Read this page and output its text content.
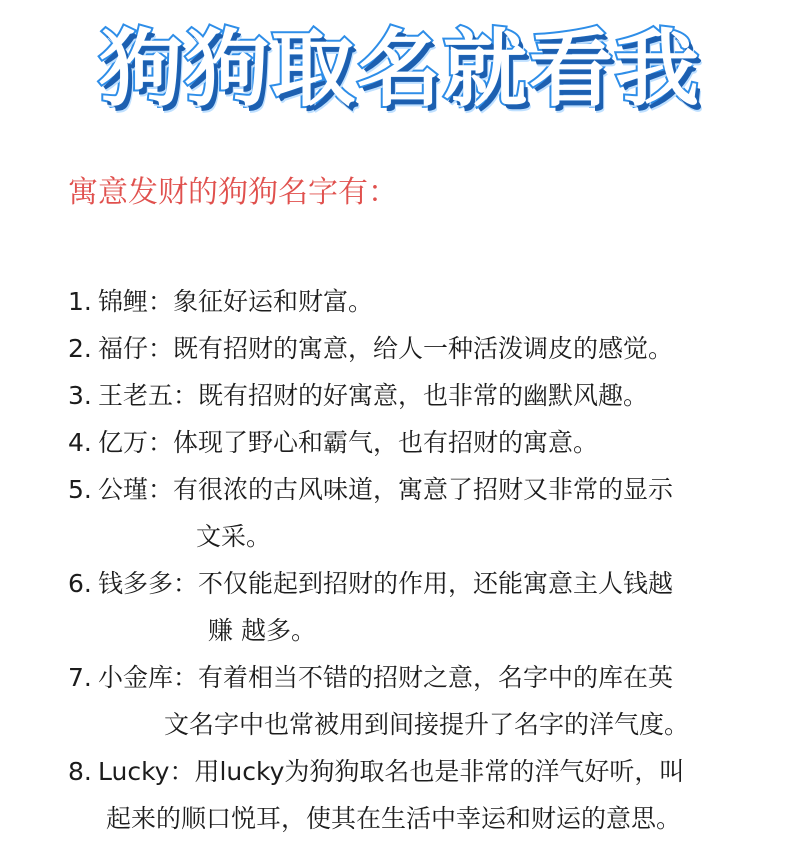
狗狗取名就看我
寓意发财的狗狗名字有：
1. 锦鲤：象征好运和财富。
2. 福仔：既有招财的寓意，给人一种活泼调皮的感觉。
3. 王老五：既有招财的好寓意，也非常的幽默风趣。
4. 亿万：体现了野心和霸气，也有招财的寓意。
5. 公瑾：有很浓的古风味道，寓意了招财又非常的显示
文采。
6. 钱多多：不仅能起到招财的作用，还能寓意主人钱越
赚 越多。
7. 小金库：有着相当不错的招财之意，名字中的库在英
文名字中也常被用到间接提升了名字的洋气度。
8. Lucky：用lucky为狗狗取名也是非常的洋气好听，叫
起来的顺口悦耳，使其在生活中幸运和财运的意思。
